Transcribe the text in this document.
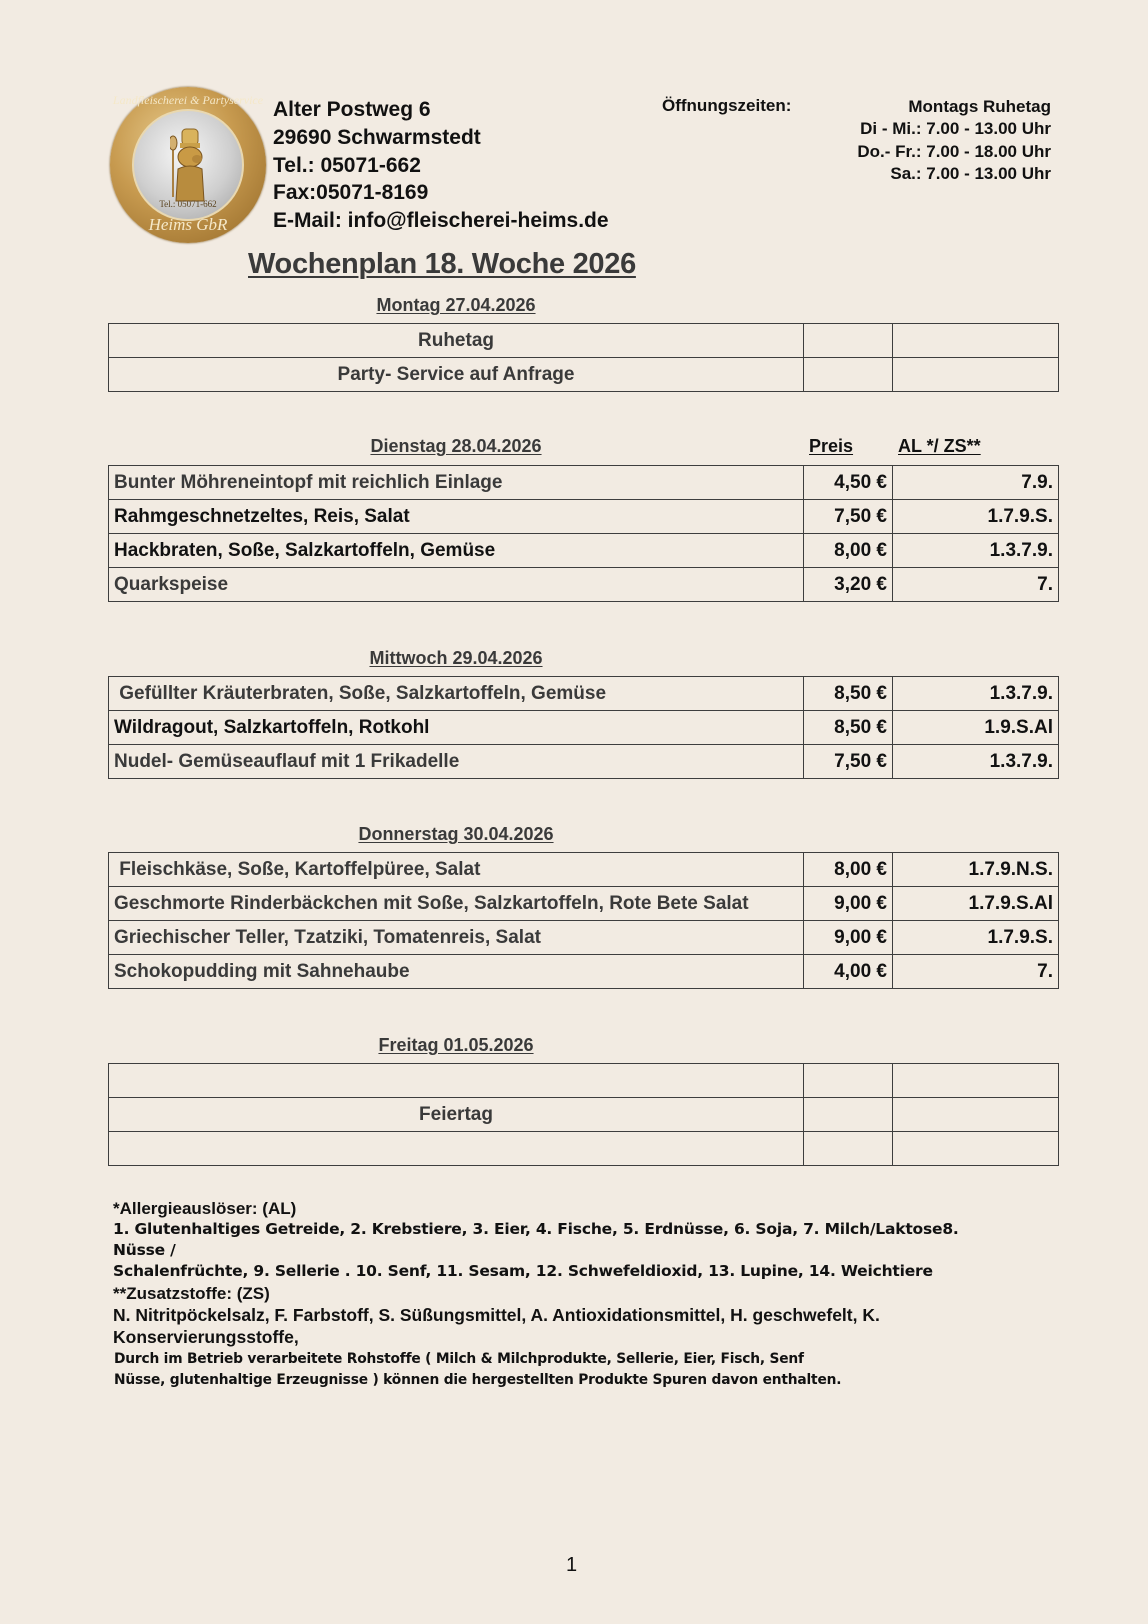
Landfleischerei & Partyservice
Tel.: 05071-662
Heims GbR
Alter Postweg 6
29690 Schwarmstedt
Tel.: 05071-662
Fax:05071-8169
E-Mail: info@fleischerei-heims.de
Öffnungszeiten:	Montags Ruhetag
Di - Mi.: 7.00 - 13.00 Uhr
Do.- Fr.: 7.00 - 18.00 Uhr
Sa.: 7.00 - 13.00 Uhr
Wochenplan 18. Woche 2026
Montag 27.04.2026
Ruhetag		
Party- Service auf Anfrage		
Dienstag 28.04.2026	Preis AL */ ZS**
Bunter Möhreneintopf mit reichlich Einlage	4,50 €	7.9.
Rahmgeschnetzeltes, Reis, Salat	7,50 €	1.7.9.S.
Hackbraten, Soße, Salzkartoffeln, Gemüse	8,00 €	1.3.7.9.
Quarkspeise	3,20 €	7.
Mittwoch 29.04.2026
Gefüllter Kräuterbraten, Soße, Salzkartoffeln, Gemüse	8,50 €	1.3.7.9.
Wildragout, Salzkartoffeln, Rotkohl	8,50 €	1.9.S.Al
Nudel- Gemüseauflauf mit 1 Frikadelle	7,50 €	1.3.7.9.
Donnerstag 30.04.2026
Fleischkäse, Soße, Kartoffelpüree, Salat	8,00 €	1.7.9.N.S.
Geschmorte Rinderbäckchen mit Soße, Salzkartoffeln, Rote Bete Salat	9,00 €	1.7.9.S.Al
Griechischer Teller, Tzatziki, Tomatenreis, Salat	9,00 €	1.7.9.S.
Schokopudding mit Sahnehaube	4,00 €	7.
Freitag 01.05.2026

Feiertag		

*Allergieauslöser: (AL)
1. Glutenhaltiges Getreide, 2. Krebstiere, 3. Eier, 4. Fische, 5. Erdnüsse, 6. Soja, 7. Milch/Laktose8. Nüsse /
Schalenfrüchte, 9. Sellerie . 10. Senf, 11. Sesam, 12. Schwefeldioxid, 13. Lupine, 14. Weichtiere
**Zusatzstoffe: (ZS)
N. Nitritpöckelsalz, F. Farbstoff, S. Süßungsmittel, A. Antioxidationsmittel, H. geschwefelt, K.
Konservierungsstoffe,
Durch im Betrieb verarbeitete Rohstoffe ( Milch & Milchprodukte, Sellerie, Eier, Fisch, Senf
Nüsse, glutenhaltige Erzeugnisse ) können die hergestellten Produkte Spuren davon enthalten.
1
